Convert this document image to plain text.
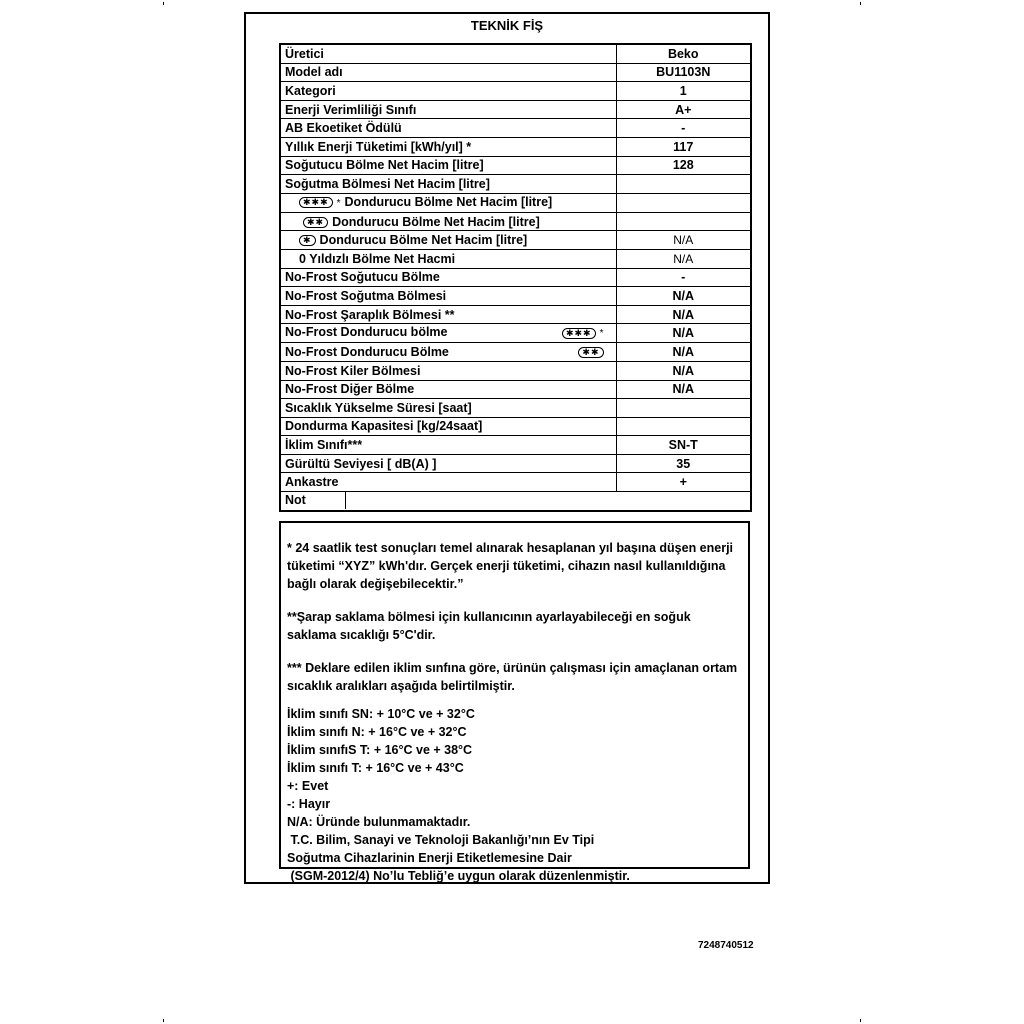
TEKNİK FİŞ
Üretici	Beko
Model adı	BU1103N
Kategori	1
Enerji Verimliliği Sınıfı	A+
AB Ekoetiket Ödülü	-
Yıllık Enerji Tüketimi [kWh/yıl] *	117
Soğutucu Bölme Net Hacim [litre]	128
Soğutma Bölmesi Net Hacim [litre]	
✱✱✱ * Dondurucu Bölme Net Hacim [litre]	
✱✱ Dondurucu Bölme Net Hacim [litre]	
✱ Dondurucu Bölme Net Hacim [litre]	N/A
0 Yıldızlı Bölme Net Hacmi	N/A
No-Frost Soğutucu Bölme	-
No-Frost Soğutma Bölmesi	N/A
No-Frost Şaraplık Bölmesi **	N/A

No-Frost Dondurucu bölme ✱✱✱ *	N/A

No-Frost Dondurucu Bölme ✱✱	N/A
No-Frost Kiler Bölmesi	N/A
No-Frost Diğer Bölme	N/A
Sıcaklık Yükselme Süresi [saat]	
Dondurma Kapasitesi [kg/24saat]	
İklim Sınıfı***	SN-T
Gürültü Seviyesi [ dB(A) ]	35
Ankastre	+

Not	

* 24 saatlik test sonuçları temel alınarak hesaplanan yıl başına düşen enerji tüketimi “XYZ” kWh'dır. Gerçek enerji tüketimi, cihazın nasıl kullanıldığına bağlı olarak değişebilecektir.”

**Şarap saklama bölmesi için kullanıcının ayarlayabileceği en soğuk saklama sıcaklığı 5°C'dir.

*** Deklare edilen iklim sınfına göre, ürünün çalışması için amaçlanan ortam sıcaklık aralıkları aşağıda belirtilmiştir.

İklim sınıfı SN: + 10°C ve + 32°C

İklim sınıfı N: + 16°C ve + 32°C

İklim sınıfıS T: + 16°C ve + 38°C

İklim sınıfı T: + 16°C ve + 43°C

+: Evet

-: Hayır

N/A: Üründe bulunmamaktadır.

T.C. Bilim, Sanayi ve Teknoloji Bakanlığı’nın Ev Tipi

Soğutma Cihazlarinin Enerji Etiketlemesine Dair

(SGM-2012/4) No’lu Tebliğ’e uygun olarak düzenlenmiştir.

7248740512
